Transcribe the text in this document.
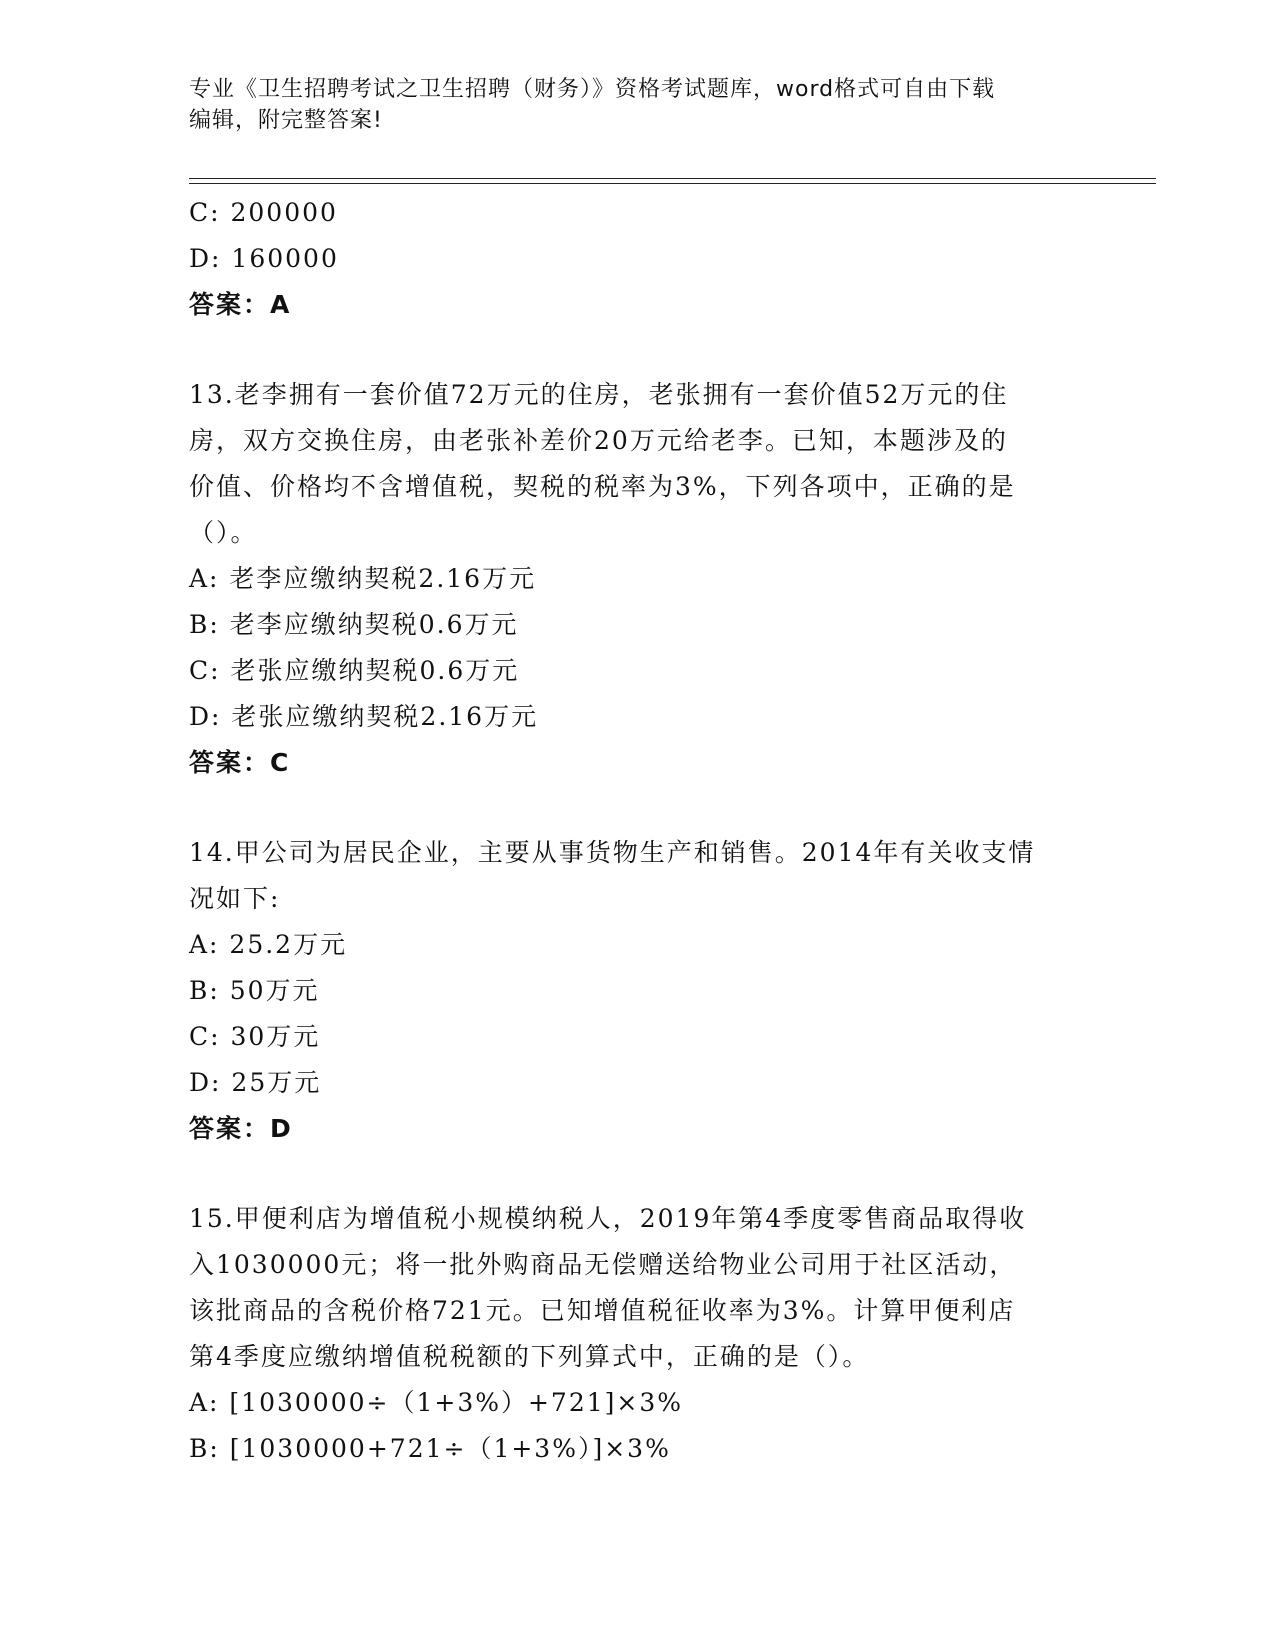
专业《卫生招聘考试之卫生招聘（财务）》资格考试题库，word格式可自由下载
编辑，附完整答案!
C: 200000
D: 160000
答案：A
13.老李拥有一套价值72万元的住房，老张拥有一套价值52万元的住
房，双方交换住房，由老张补差价20万元给老李。已知，本题涉及的
价值、价格均不含增值税，契税的税率为3%，下列各项中，正确的是
（）。
A: 老李应缴纳契税2.16万元
B: 老李应缴纳契税0.6万元
C: 老张应缴纳契税0.6万元
D: 老张应缴纳契税2.16万元
答案：C
14.甲公司为居民企业，主要从事货物生产和销售。2014年有关收支情
况如下:
A: 25.2万元
B: 50万元
C: 30万元
D: 25万元
答案：D
15.甲便利店为增值税小规模纳税人，2019年第4季度零售商品取得收
入1030000元；将一批外购商品无偿赠送给物业公司用于社区活动，
该批商品的含税价格721元。已知增值税征收率为3%。计算甲便利店
第4季度应缴纳增值税税额的下列算式中，正确的是（）。
A: [1030000÷（1+3%）+721]×3%
B: [1030000+721÷（1+3%）]×3%
